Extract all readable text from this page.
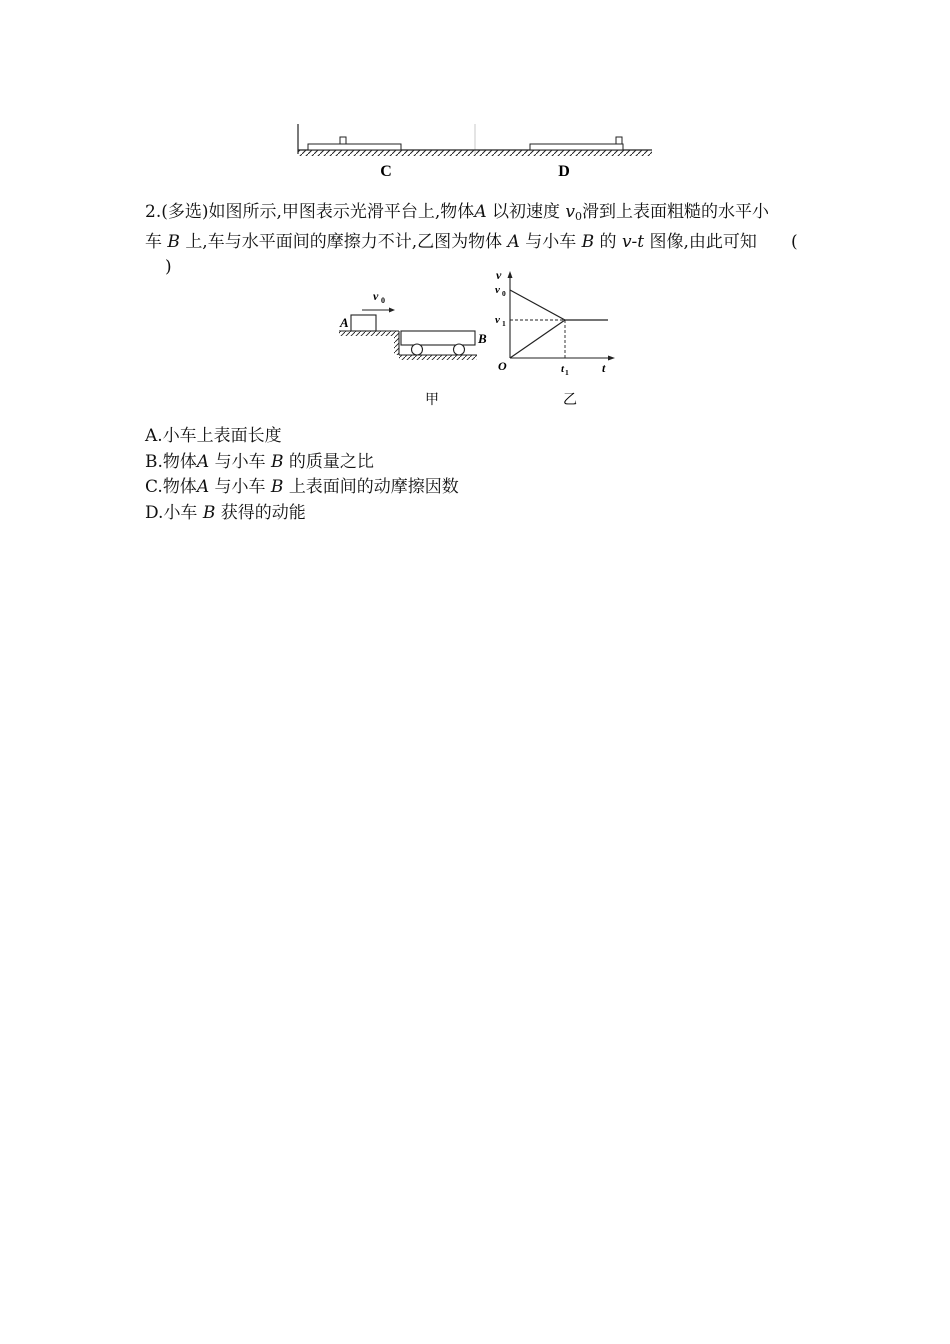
C	D
2.(多选)如图所示,甲图表示光滑平台上,物体A 以初速度 v0滑到上表面粗糙的水平小车 B 上,车与水平面间的摩擦力不计,乙图为物体 A 与小车 B 的 v-t 图像,由此可知 ()
v 0
A
B
甲
v
t
O
v 0
v 1
t 1
乙
A.小车上表面长度
B.物体A 与小车 B 的质量之比
C.物体A 与小车 B 上表面间的动摩擦因数
D.小车 B 获得的动能
